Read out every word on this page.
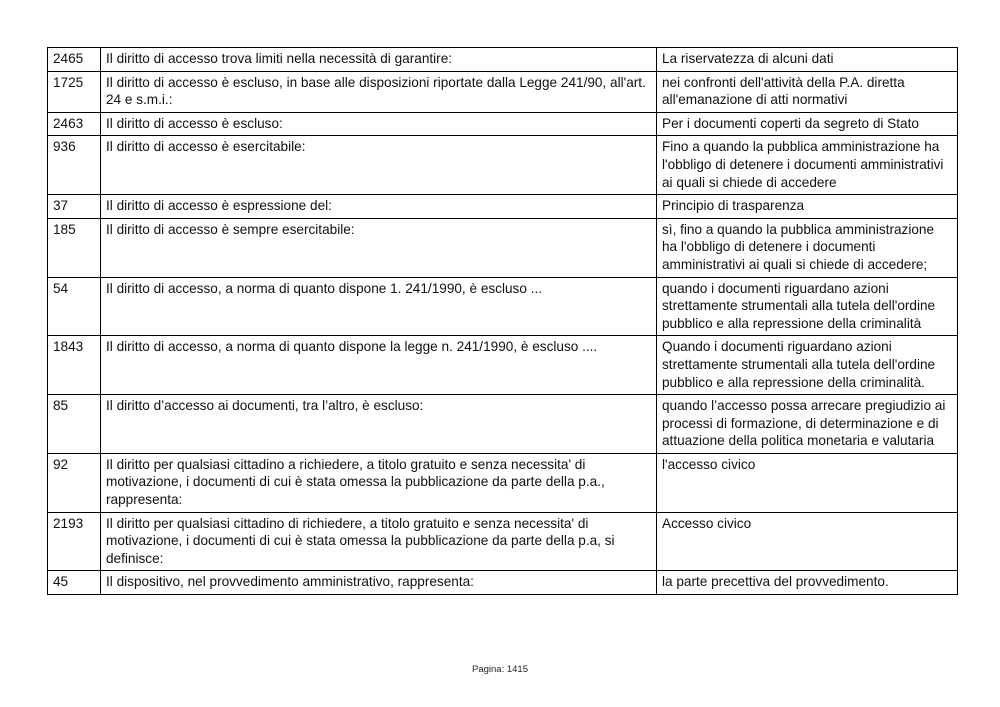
2465	Il diritto di accesso trova limiti nella necessità di garantire:	La riservatezza di alcuni dati
1725	Il diritto di accesso è escluso, in base alle disposizioni riportate dalla Legge 241/90, all'art. 24 e s.m.i.:	nei confronti dell'attività della P.A. diretta all'emanazione di atti normativi
2463	Il diritto di accesso è escluso:	Per i documenti coperti da segreto di Stato
936	Il diritto di accesso è esercitabile:	Fino a quando la pubblica amministrazione ha l'obbligo di detenere i documenti amministrativi ai quali si chiede di accedere
37	Il diritto di accesso è espressione del:	Principio di trasparenza
185	Il diritto di accesso è sempre esercitabile:	sì, fino a quando la pubblica amministrazione ha l'obbligo di detenere i documenti amministrativi ai quali si chiede di accedere;
54	Il diritto di accesso, a norma di quanto dispone 1. 241/1990, è escluso ...	quando i documenti riguardano azioni strettamente strumentali alla tutela dell'ordine pubblico e alla repressione della criminalità
1843	Il diritto di accesso, a norma di quanto dispone la legge n. 241/1990, è escluso ....	Quando i documenti riguardano azioni strettamente strumentali alla tutela dell'ordine pubblico e alla repressione della criminalità.
85	Il diritto d’accesso ai documenti, tra l’altro, è escluso:	quando l’accesso possa arrecare pregiudizio ai processi di formazione, di determinazione e di attuazione della politica monetaria e valutaria
92	Il diritto per qualsiasi cittadino a richiedere, a titolo gratuito e senza necessita' di motivazione, i documenti di cui è stata omessa la pubblicazione da parte della p.a., rappresenta:	l'accesso civico
2193	Il diritto per qualsiasi cittadino di richiedere, a titolo gratuito e senza necessita' di motivazione, i documenti di cui è stata omessa la pubblicazione da parte della p.a, si definisce:	Accesso civico
45	Il dispositivo, nel provvedimento amministrativo, rappresenta:	la parte precettiva del provvedimento.
Pagina: 1415
